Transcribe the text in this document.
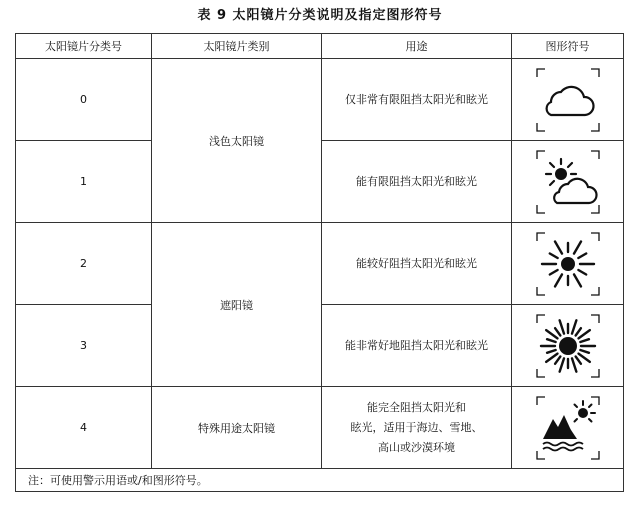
表 9 太阳镜片分类说明及指定图形符号
太阳镜片分类号	太阳镜片类别	用途	图形符号
0	浅色太阳镜	仅非常有限阻挡太阳光和眩光

1		能有限阻挡太阳光和眩光

2	遮阳镜	能较好阻挡太阳光和眩光

3		能非常好地阻挡太阳光和眩光

4	特殊用途太阳镜	能完全阻挡太阳光和
眩光，适用于海边、雪地、
高山或沙漠环境

注：可使用警示用语或/和图形符号。			
